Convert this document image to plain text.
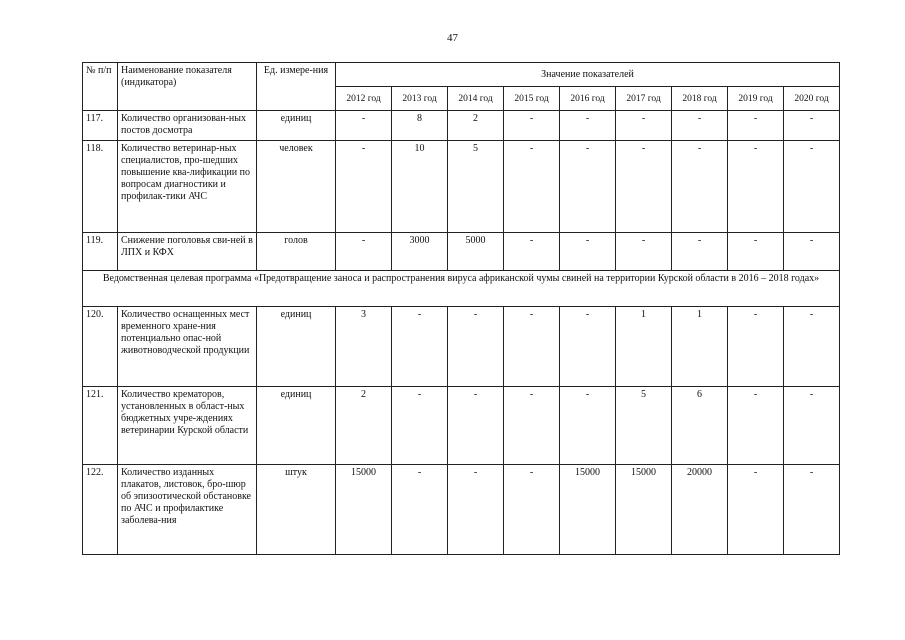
47
№ п/п	Наименование показателя (индикатора)	Ед. измере-ния	Значение показателей								
			2012 год	2013 год	2014 год	2015 год	2016 год	2017 год	2018 год	2019 год	2020 год
117.	Количество организован-ных постов досмотра	единиц	-	8	2	-	-	-	-	-	-
118.	Количество ветеринар-ных специалистов, про-шедших повышение ква-лификации по вопросам диагностики и профилак-тики АЧС	человек	-	10	5	-	-	-	-	-	-
119.	Снижение поголовья сви-ней в ЛПХ и КФХ	голов	-	3000	5000	-	-	-	-	-	-
Ведомственная целевая программа «Предотвращение заноса и распространения вируса африканской чумы свиней на территории Курской области в 2016 – 2018 годах»											
120.	Количество оснащенных мест временного хране-ния потенциально опас-ной животноводческой продукции	единиц	3	-	-	-	-	1	1	-	-
121.	Количество крематоров, установленных в област-ных бюджетных учре-ждениях ветеринарии Курской области	единиц	2	-	-	-	-	5	6	-	-
122.	Количество изданных плакатов, листовок, бро-шюр об эпизоотической обстановке по АЧС и профилактике заболева-ния	штук	15000	-	-	-	15000	15000	20000	-	-
